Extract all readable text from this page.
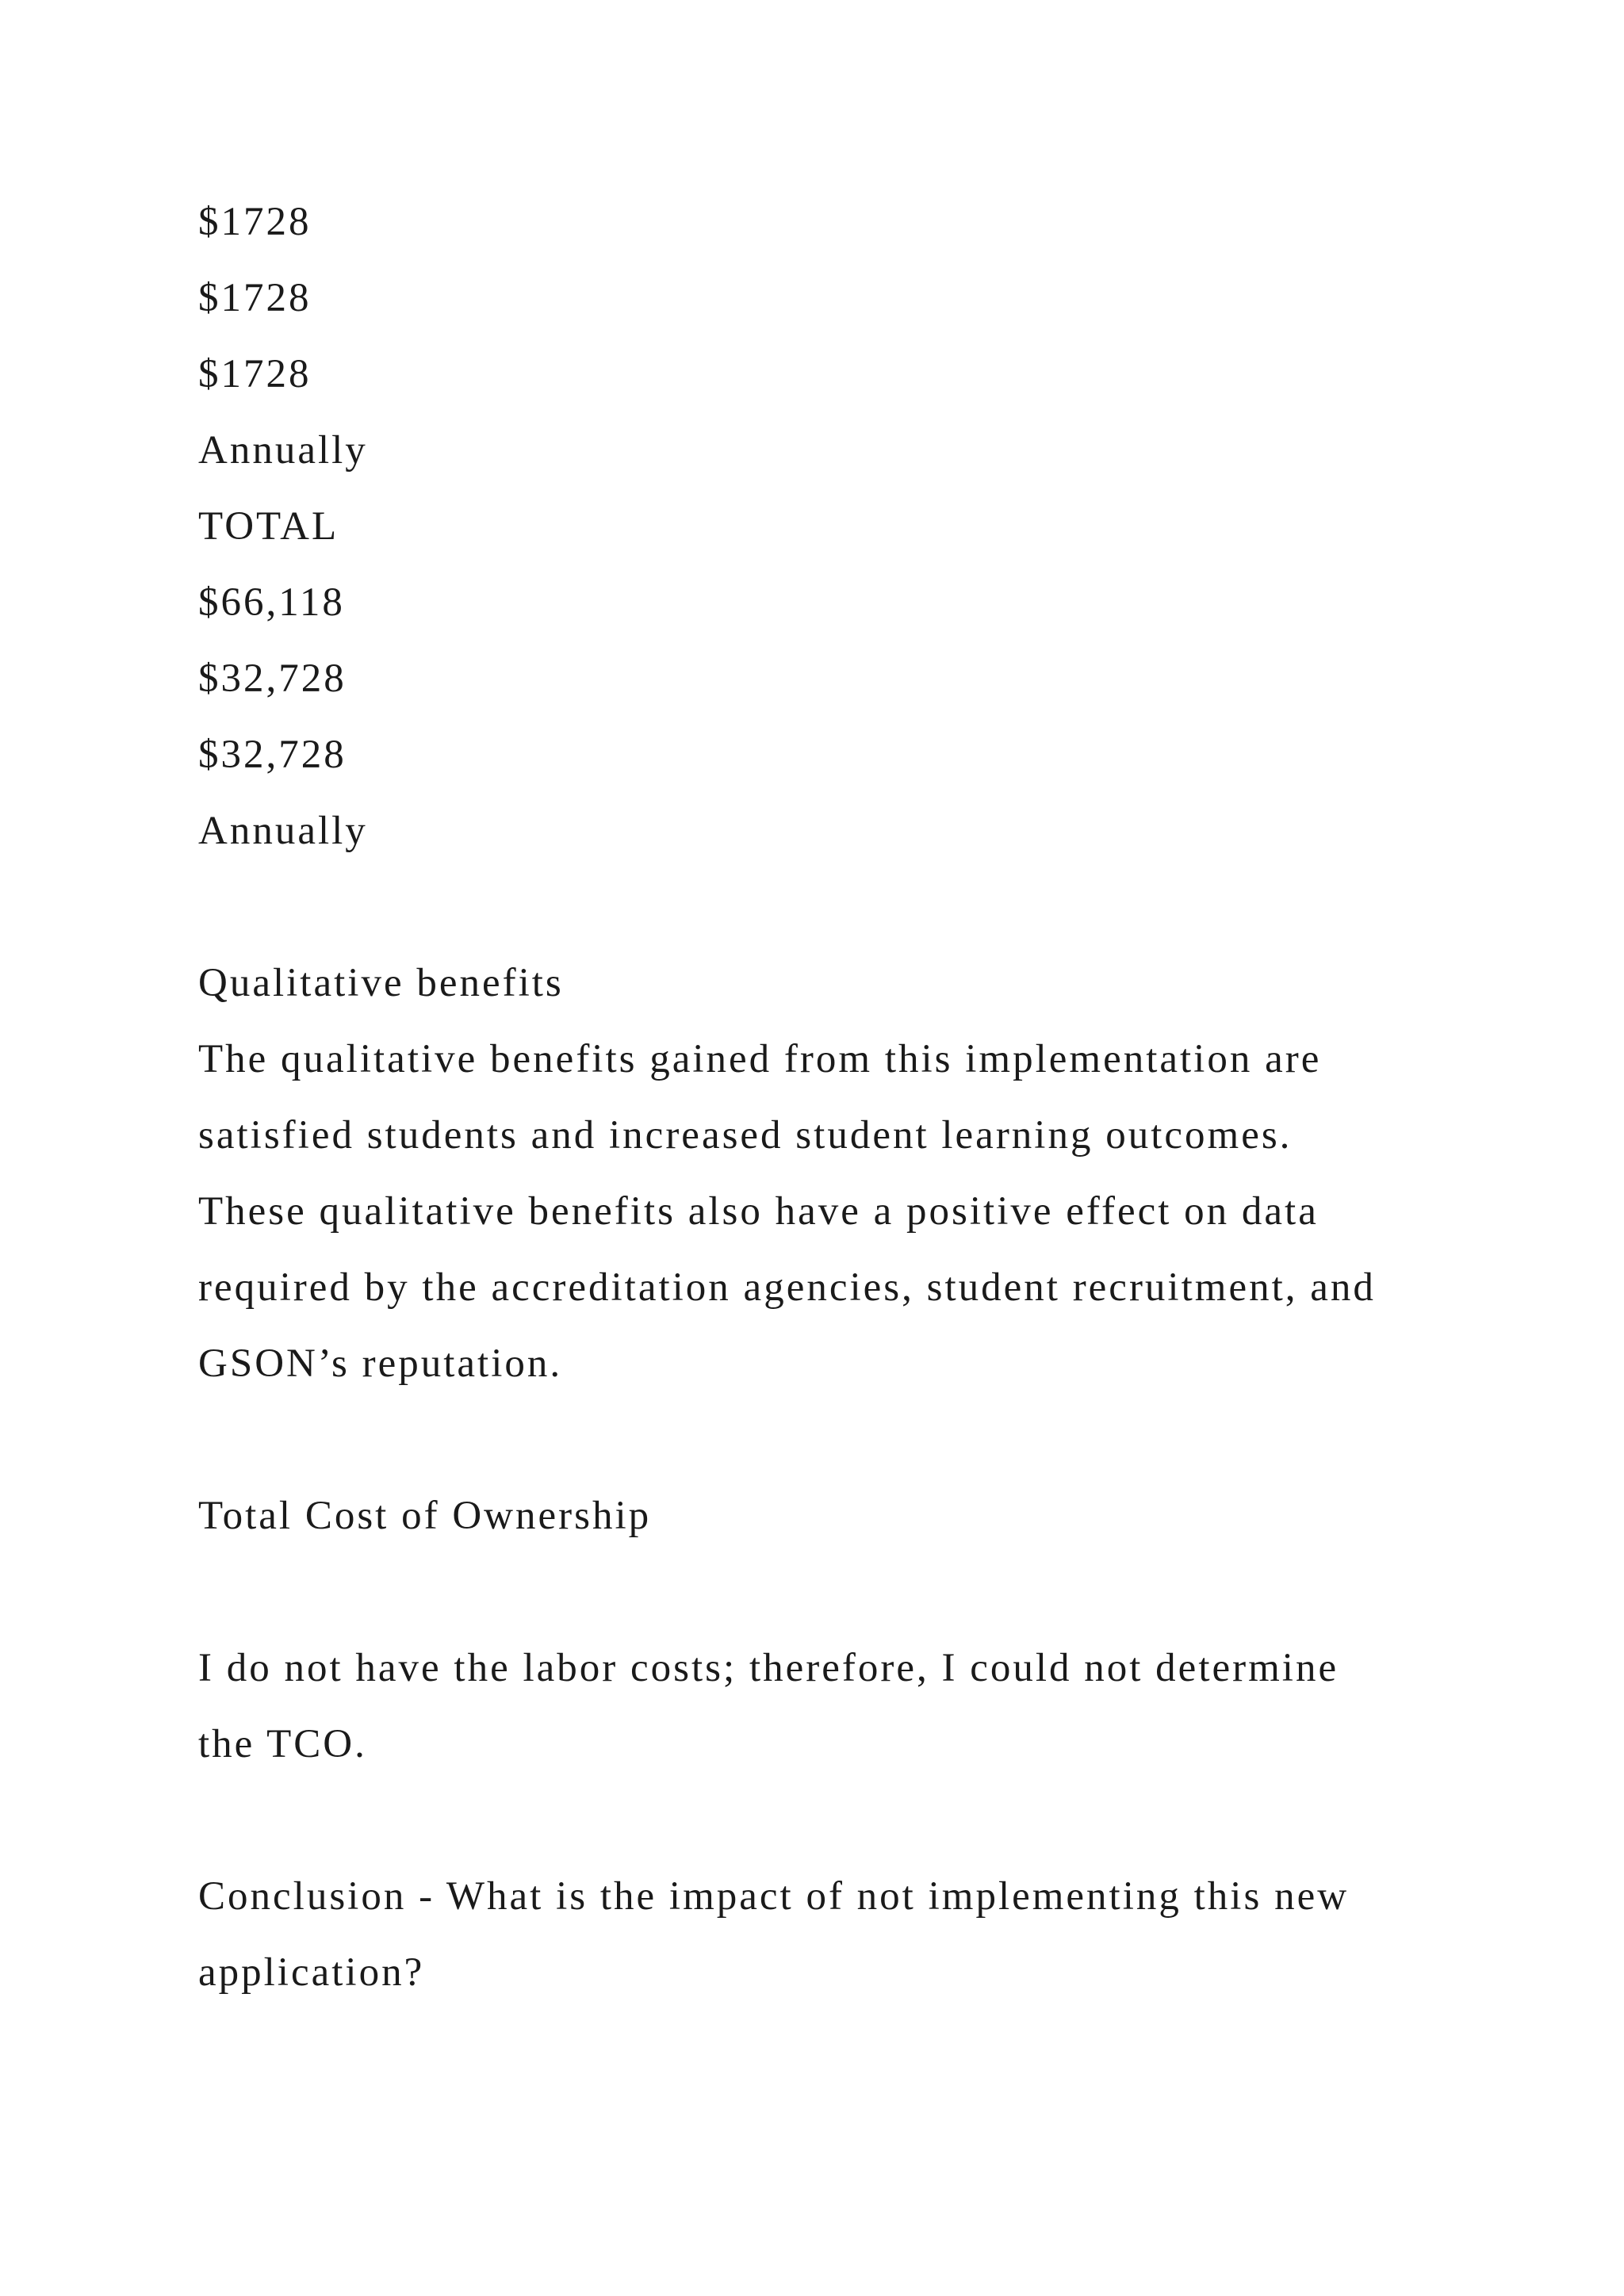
$1728
$1728
$1728
Annually
TOTAL
$66,118
$32,728
$32,728
Annually
Qualitative benefits
The qualitative benefits gained from this implementation are
satisfied students and increased student learning outcomes.
These qualitative benefits also have a positive effect on data
required by the accreditation agencies, student recruitment, and
GSON’s reputation.
Total Cost of Ownership
I do not have the labor costs; therefore, I could not determine
the TCO.
Conclusion - What is the impact of not implementing this new
application?
